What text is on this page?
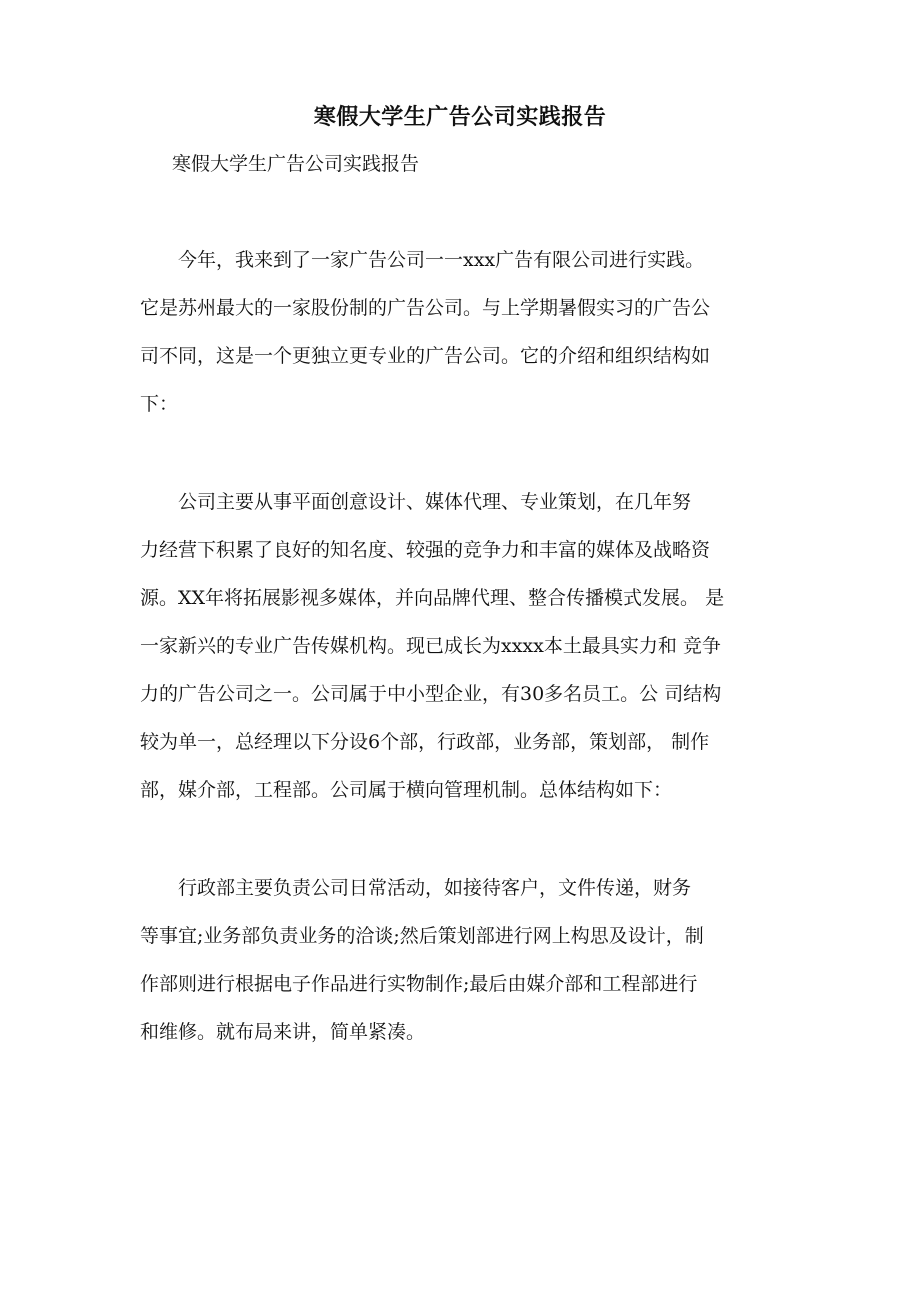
寒假大学生广告公司实践报告

寒假大学生广告公司实践报告

　　今年，我来到了一家广告公司一一xxx广告有限公司进行实践。
它是苏州最大的一家股份制的广告公司。与上学期暑假实习的广告公
司不同，这是一个更独立更专业的广告公司。它的介绍和组织结构如
下：
　　公司主要从事平面创意设计、媒体代理、专业策划，在几年努
力经营下积累了良好的知名度、较强的竞争力和丰富的媒体及战略资
源。XX年将拓展影视多媒体，并向品牌代理、整合传播模式发展。 是
一家新兴的专业广告传媒机构。现已成长为xxxx本土最具实力和 竞争
力的广告公司之一。公司属于中小型企业，有30多名员工。公 司结构
较为单一，总经理以下分设6个部，行政部，业务部，策划部， 制作
部，媒介部，工程部。公司属于横向管理机制。总体结构如下：
　　行政部主要负责公司日常活动，如接待客户，文件传递，财务
等事宜;业务部负责业务的洽谈;然后策划部进行网上构思及设计，制
作部则进行根据电子作品进行实物制作;最后由媒介部和工程部进行
和维修。就布局来讲，简单紧凑。
